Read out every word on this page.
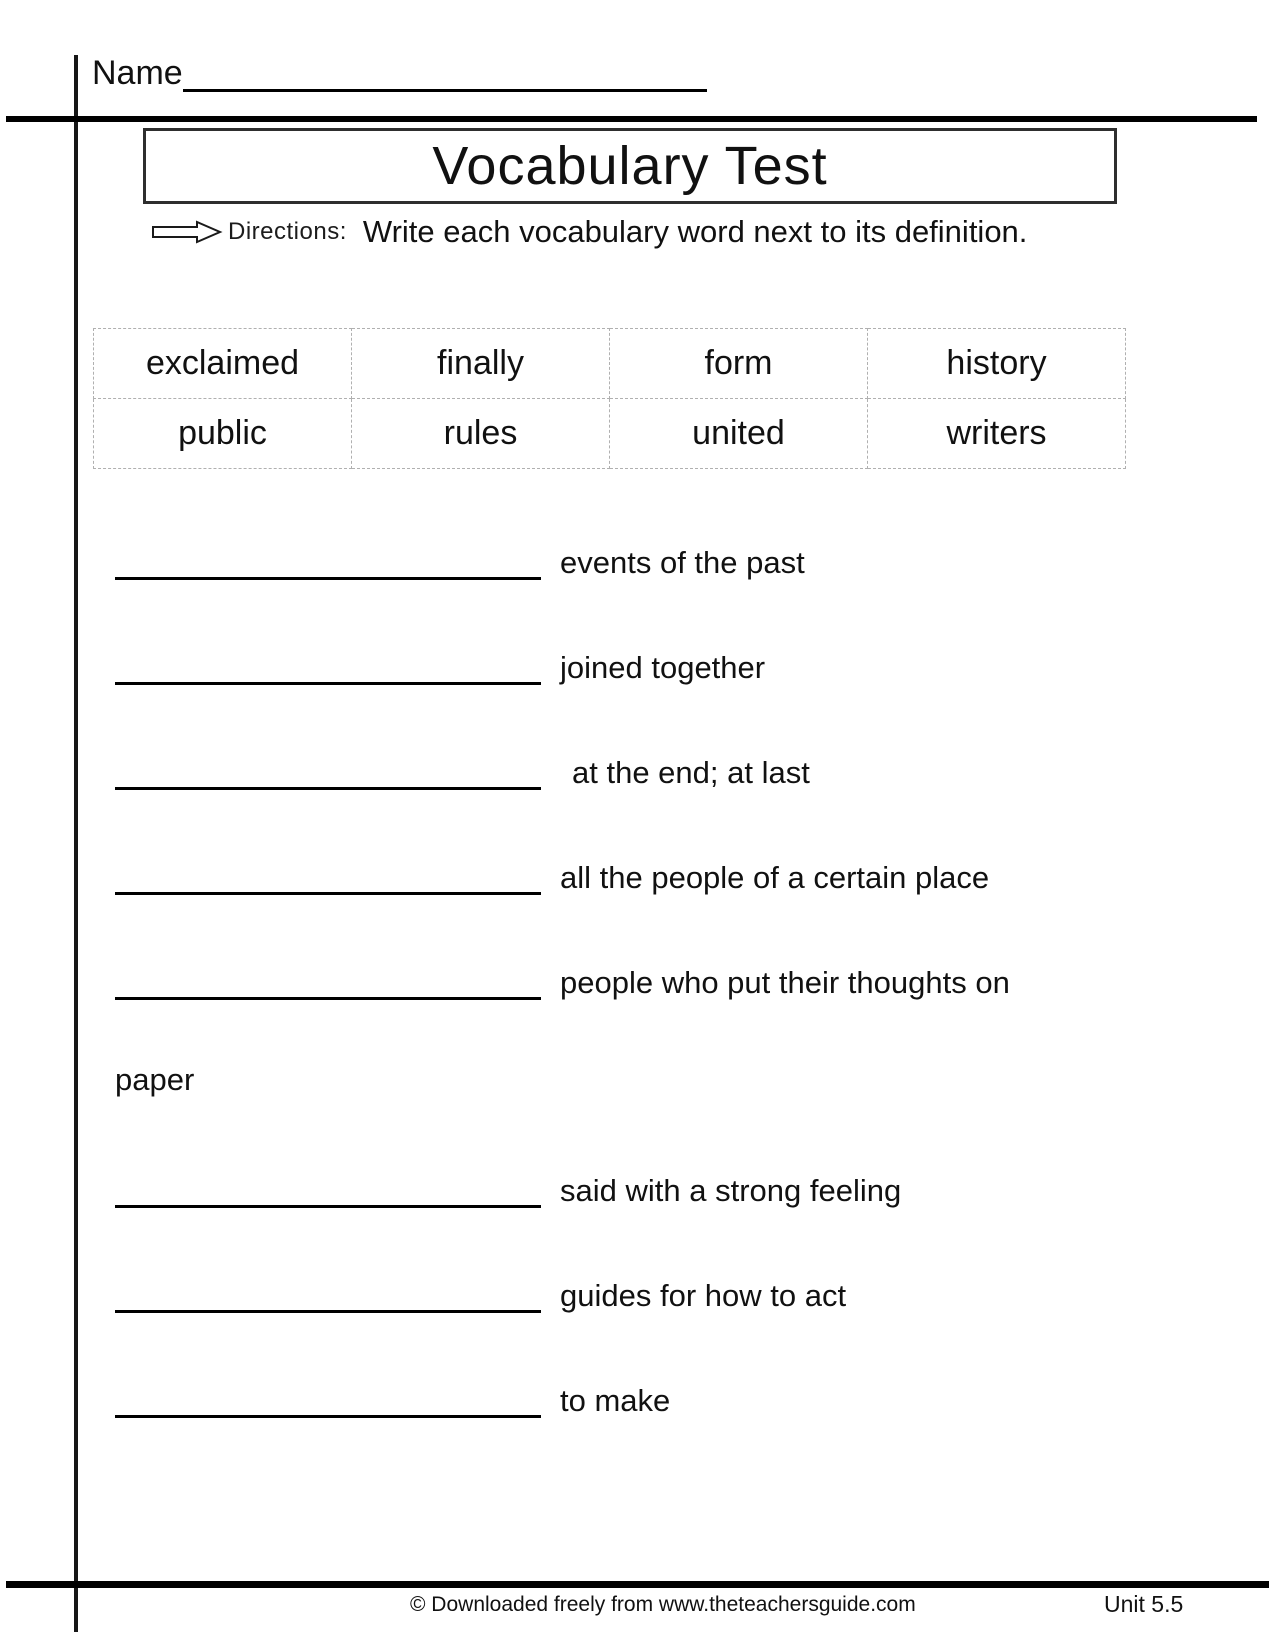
Name
Vocabulary Test
Directions: Write each vocabulary word next to its definition.
exclaimed	finally	form	history
public	rules	united	writers
events of the past
joined together
at the end; at last
all the people of a certain place
people who put their thoughts on
paper
said with a strong feeling
guides for how to act
to make
© Downloaded freely from www.theteachersguide.com	Unit 5.5
